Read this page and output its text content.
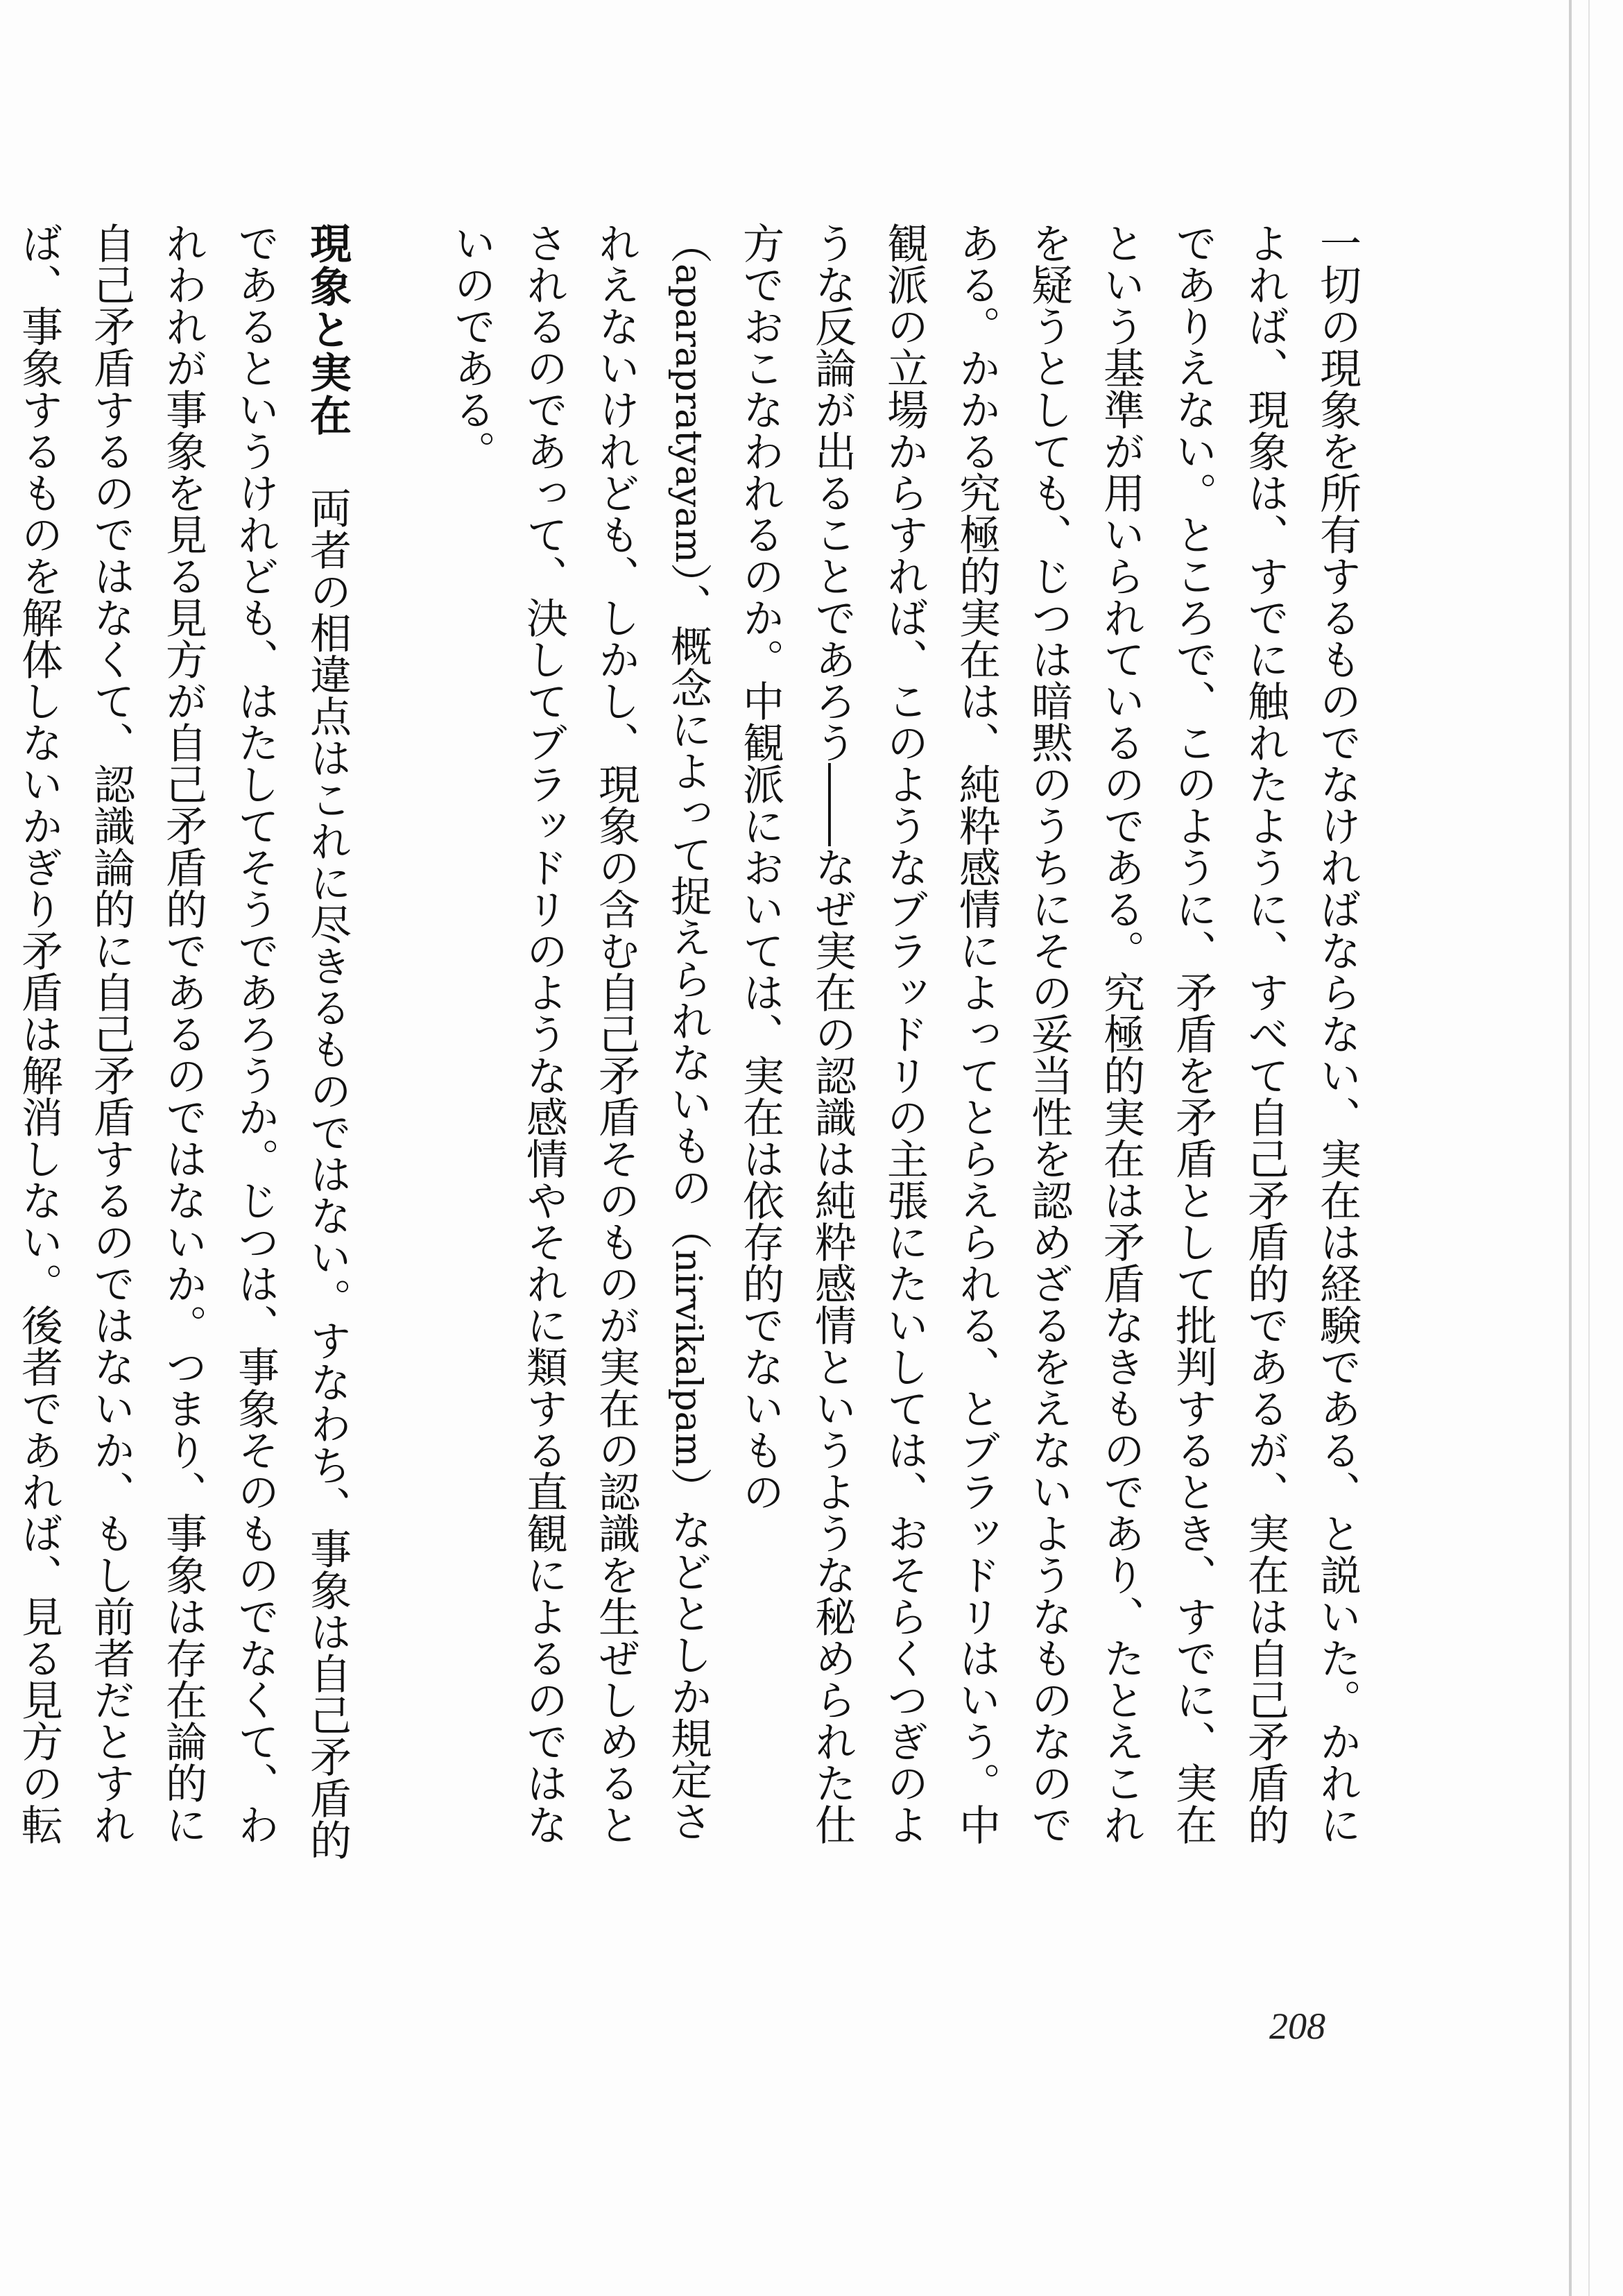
一切の現象を所有するものでなければならない、実在は経験である、と説いた。かれによれば、現象は、すでに触れたように、すべて自己矛盾的であるが、実在は自己矛盾的でありえない。ところで、このように、矛盾を矛盾として批判するとき、すでに、実在という基準が用いられているのである。究極的実在は矛盾なきものであり、たとえこれを疑うとしても、じつは暗黙のうちにその妥当性を認めざるをえないようなものなのである。かかる究極的実在は、純粋感情によってとらえられる、とブラッドリはいう。中観派の立場からすれば、このようなブラッドリの主張にたいしては、おそらくつぎのような反論が出ることであろう――なぜ実在の認識は純粋感情というような秘められた仕方でおこなわれるのか。中観派においては、実在は依存的でないもの（aparapratyayam）、概念によって捉えられないもの（nirvikalpam）などとしか規定されえないけれども、しかし、現象の含む自己矛盾そのものが実在の認識を生ぜしめるとされるのであって、決してブラッドリのような感情やそれに類する直観によるのではないのである。

現象と実在両者の相違点はこれに尽きるものではない。すなわち、事象は自己矛盾的であるというけれども、はたしてそうであろうか。じつは、事象そのものでなくて、われわれが事象を見る見方が自己矛盾的であるのではないか。つまり、事象は存在論的に自己矛盾するのではなくて、認識論的に自己矛盾するのではないか、もし前者だとすれば、事象するものを解体しないかぎり矛盾は解消しない。後者であれば、見る見方の転

208
